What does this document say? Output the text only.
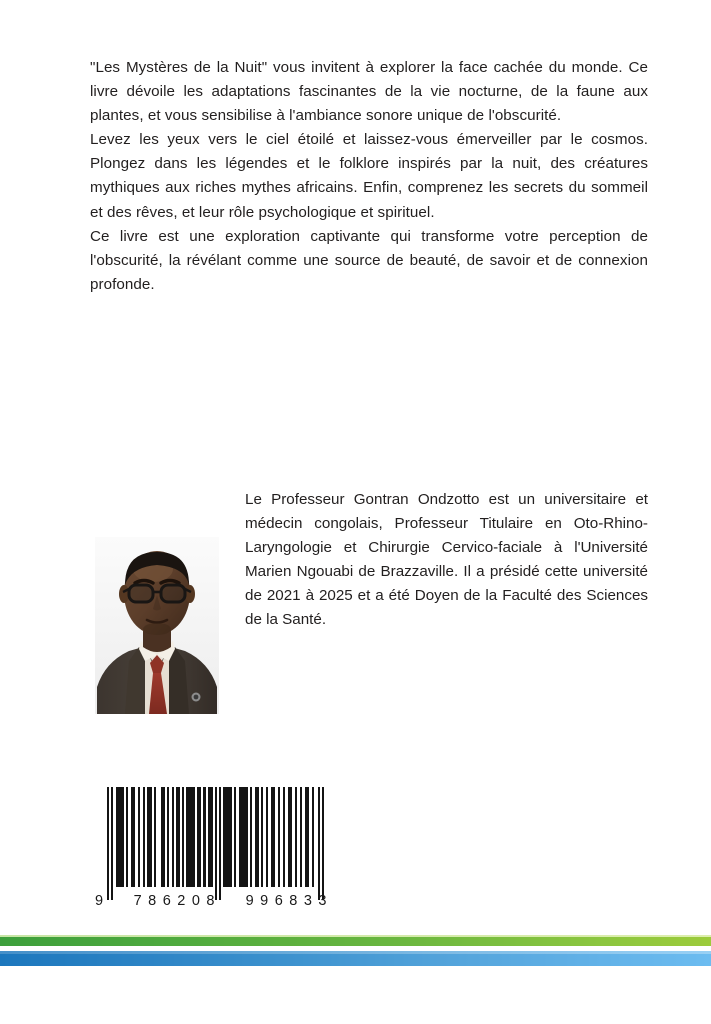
"Les Mystères de la Nuit" vous invitent à explorer la face cachée du monde. Ce livre dévoile les adaptations fascinantes de la vie nocturne, de la faune aux plantes, et vous sensibilise à l'ambiance sonore unique de l'obscurité.

Levez les yeux vers le ciel étoilé et laissez-vous émerveiller par le cosmos. Plongez dans les légendes et le folklore inspirés par la nuit, des créatures mythiques aux riches mythes africains. Enfin, comprenez les secrets du sommeil et des rêves, et leur rôle psychologique et spirituel.

Ce livre est une exploration captivante qui transforme votre perception de l'obscurité, la révélant comme une source de beauté, de savoir et de connexion profonde.

Le Professeur Gontran Ondzotto est un universitaire et médecin congolais, Professeur Titulaire en Oto-Rhino-Laryngologie et Chirurgie Cervico-faciale à l'Université Marien Ngouabi de Brazzaville. Il a présidé cette université de 2021 à 2025 et a été Doyen de la Faculté des Sciences de la Santé.

9	786208 996833
